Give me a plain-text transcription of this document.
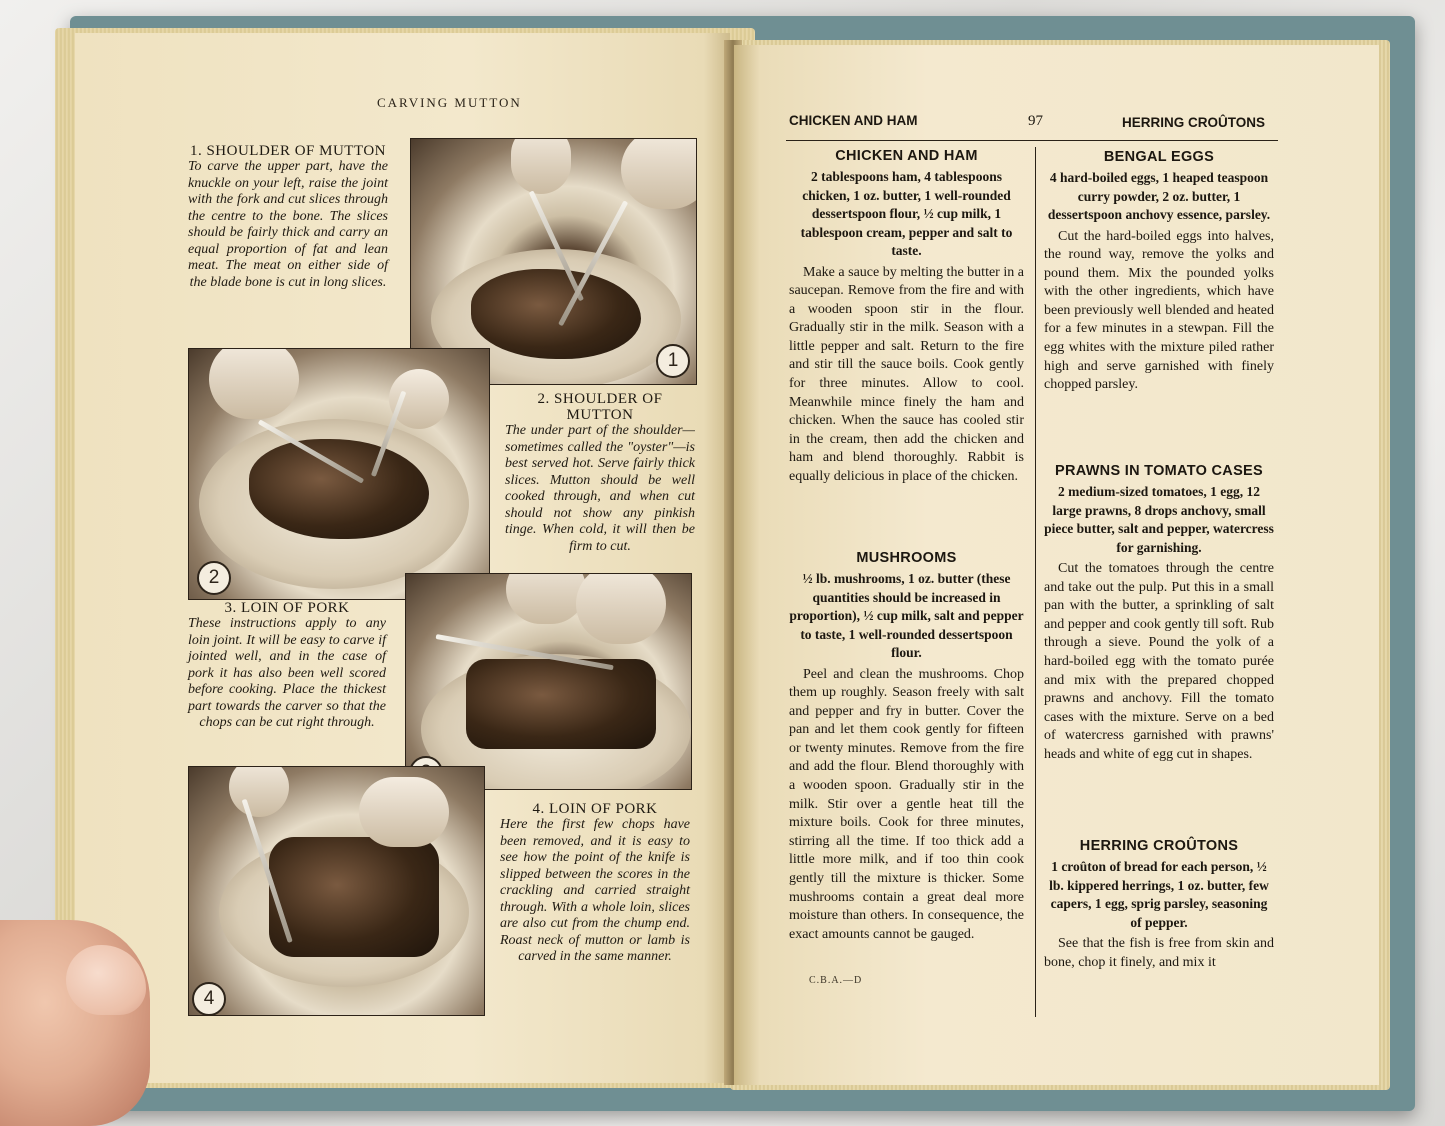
CARVING MUTTON
1
1. SHOULDER OF MUTTON
To carve the upper part, have the knuckle on your left, raise the joint with the fork and cut slices through the centre to the bone. The slices should be fairly thick and carry an equal proportion of fat and lean meat. The meat on either side of the blade bone is cut in long slices.
2
2. SHOULDER OF MUTTON
The under part of the shoulder—sometimes called the "oyster"—is best served hot. Serve fairly thick slices. Mutton should be well cooked through, and when cut should not show any pinkish tinge. When cold, it will then be firm to cut.
3. LOIN OF PORK
These instructions apply to any loin joint. It will be easy to carve if jointed well, and in the case of pork it has also been well scored before cooking. Place the thickest part towards the carver so that the chops can be cut right through.
4
4. LOIN OF PORK
Here the first few chops have been removed, and it is easy to see how the point of the knife is slipped between the scores in the crackling and carried straight through. With a whole loin, slices are also cut from the chump end. Roast neck of mutton or lamb is carved in the same manner.
CHICKEN AND HAM	97	HERRING CROÛTONS
CHICKEN AND HAM
2 tablespoons ham, 4 tablespoons chicken, 1 oz. butter, 1 well-rounded dessertspoon flour, ½ cup milk, 1 tablespoon cream, pepper and salt to taste.
Make a sauce by melting the butter in a saucepan. Remove from the fire and with a wooden spoon stir in the flour. Gradually stir in the milk. Season with a little pepper and salt. Return to the fire and stir till the sauce boils. Cook gently for three minutes. Allow to cool. Meanwhile mince finely the ham and chicken. When the sauce has cooled stir in the cream, then add the chicken and ham and blend thoroughly. Rabbit is equally delicious in place of the chicken.
MUSHROOMS
½ lb. mushrooms, 1 oz. butter (these quantities should be increased in proportion), ½ cup milk, salt and pepper to taste, 1 well-rounded dessertspoon flour.
Peel and clean the mushrooms. Chop them up roughly. Season freely with salt and pepper and fry in butter. Cover the pan and let them cook gently for fifteen or twenty minutes. Remove from the fire and add the flour. Blend thoroughly with a wooden spoon. Gradually stir in the milk. Stir over a gentle heat till the mixture boils. Cook for three minutes, stirring all the time. If too thick add a little more milk, and if too thin cook gently till the mixture is thicker. Some mushrooms contain a great deal more moisture than others. In consequence, the exact amounts cannot be gauged.
C.B.A.—D
BENGAL EGGS
4 hard-boiled eggs, 1 heaped teaspoon curry powder, 2 oz. butter, 1 dessertspoon anchovy essence, parsley.
Cut the hard-boiled eggs into halves, the round way, remove the yolks and pound them. Mix the pounded yolks with the other ingredients, which have been previously well blended and heated for a few minutes in a stewpan. Fill the egg whites with the mixture piled rather high and serve garnished with finely chopped parsley.
PRAWNS IN TOMATO CASES
2 medium-sized tomatoes, 1 egg, 12 large prawns, 8 drops anchovy, small piece butter, salt and pepper, watercress for garnishing.
Cut the tomatoes through the centre and take out the pulp. Put this in a small pan with the butter, a sprinkling of salt and pepper and cook gently till soft. Rub through a sieve. Pound the yolk of a hard-boiled egg with the tomato purée and mix with the prepared chopped prawns and anchovy. Fill the tomato cases with the mixture. Serve on a bed of watercress garnished with prawns' heads and white of egg cut in shapes.
HERRING CROÛTONS
1 croûton of bread for each person, ½ lb. kippered herrings, 1 oz. butter, few capers, 1 egg, sprig parsley, seasoning of pepper.
See that the fish is free from skin and bone, chop it finely, and mix it
